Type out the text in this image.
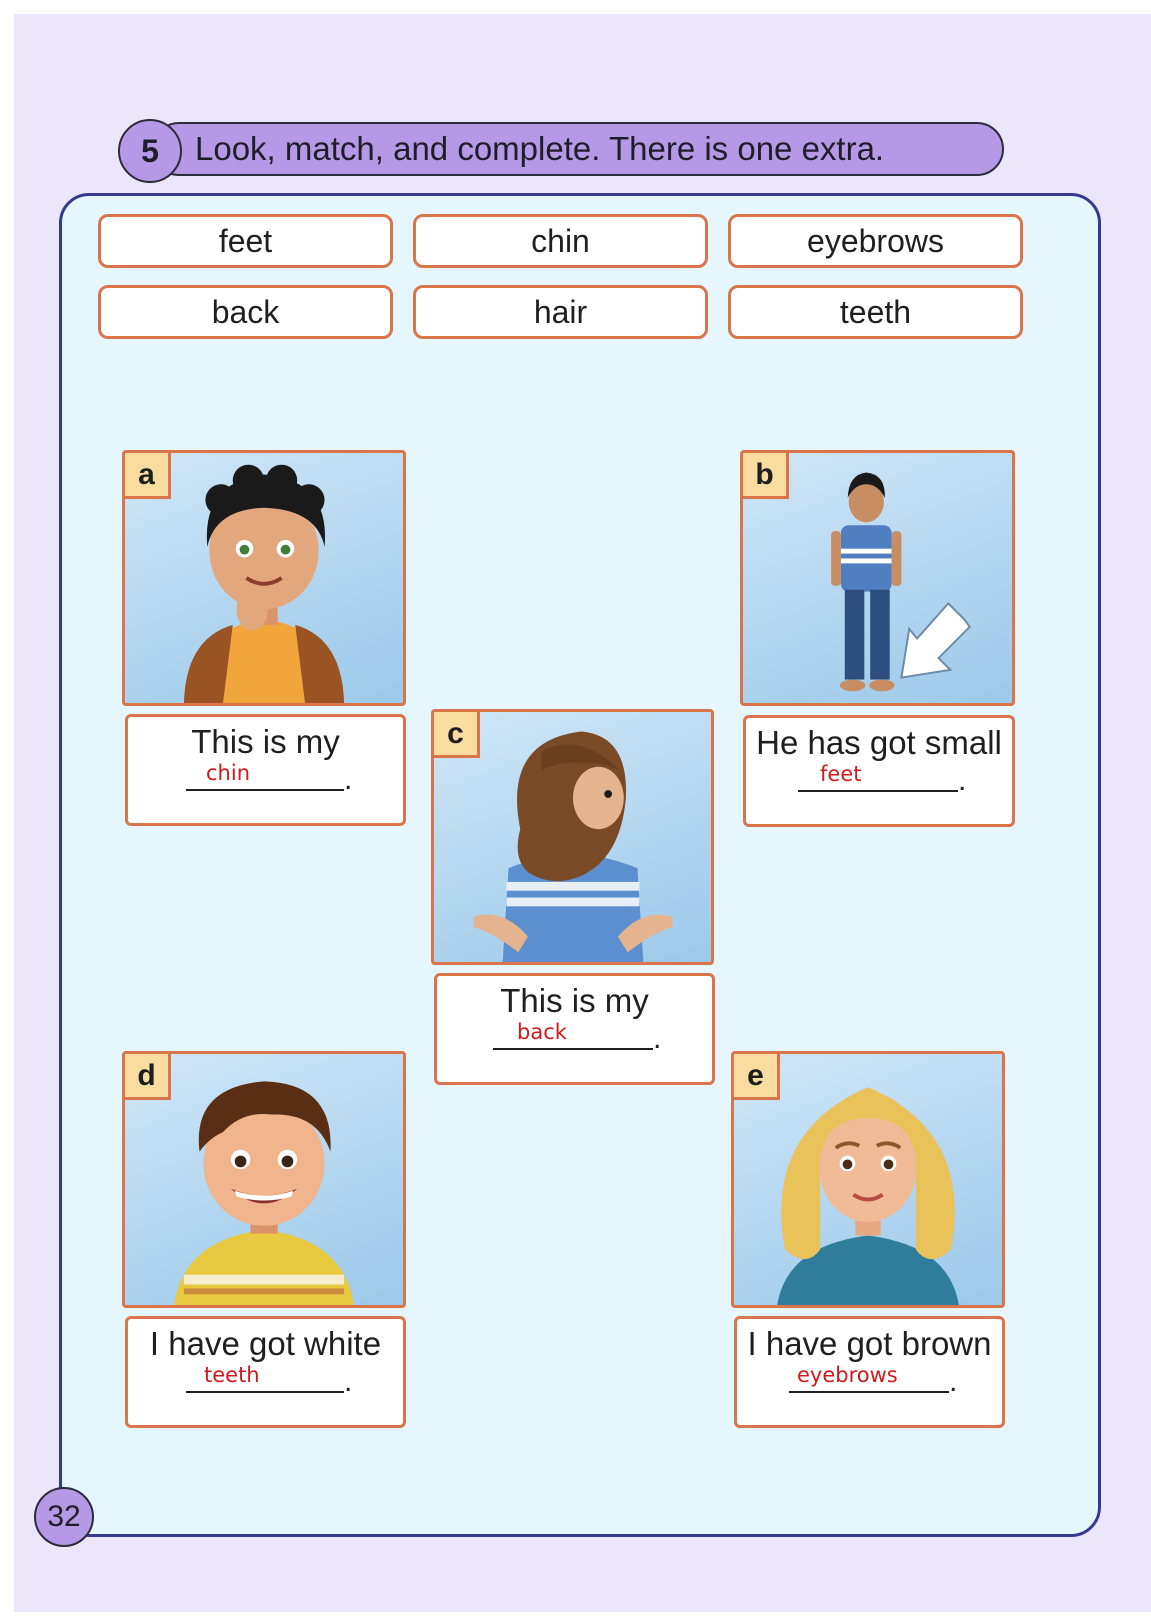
5	Look, match, and complete. There is one extra.
feet	chin	eyebrows
back	hair	teeth
a
This is my
chin	.
b
He has got small
feet	.
c
This is my
back	.
d
I have got white
teeth	.
e
I have got brown
eyebrows .
32
